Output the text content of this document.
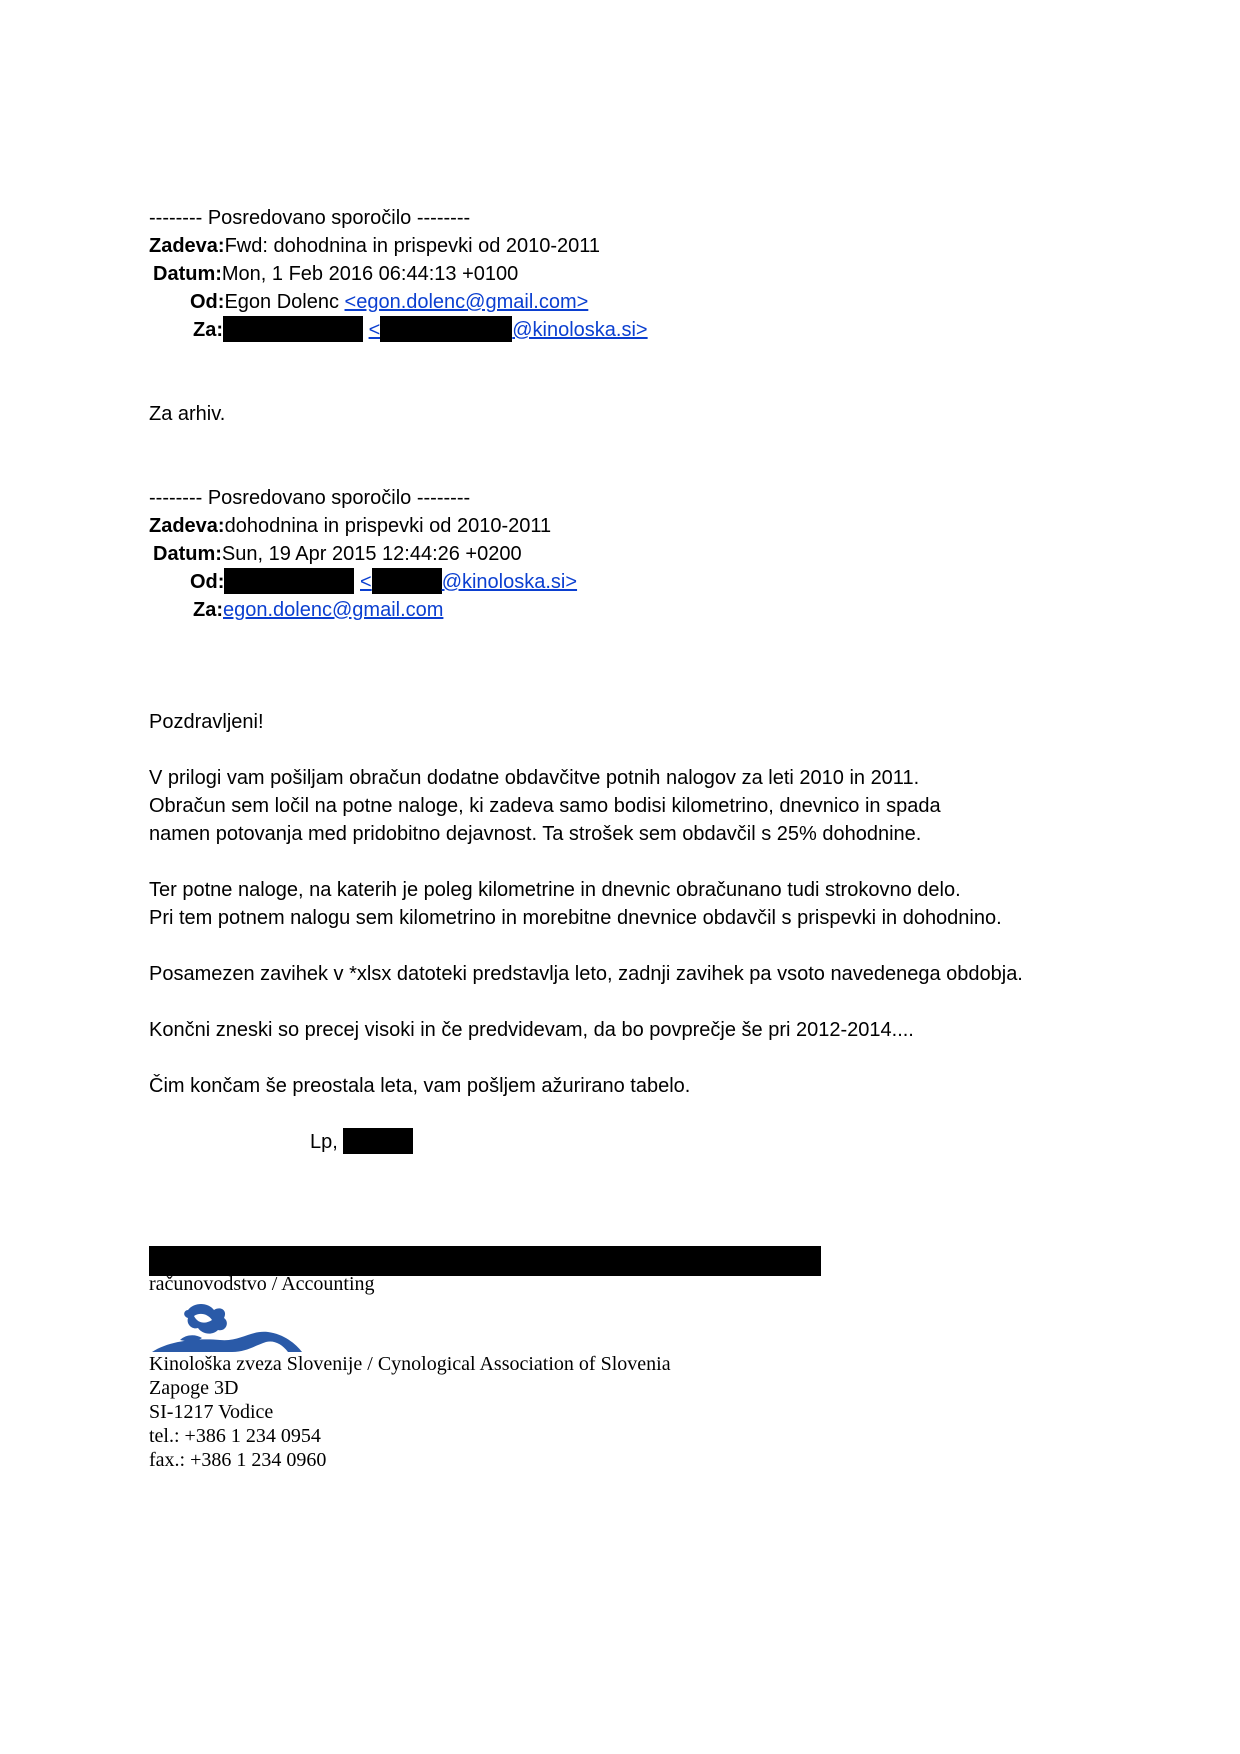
-------- Posredovano sporočilo --------
Zadeva:Fwd: dohodnina in prispevki od 2010-2011
Datum:Mon, 1 Feb 2016 06:44:13 +0100
Od:Egon Dolenc <egon.dolenc@gmail.com>
Za:	<	@kinoloska.si>
Za arhiv.
-------- Posredovano sporočilo --------
Zadeva:dohodnina in prispevki od 2010-2011
Datum:Sun, 19 Apr 2015 12:44:26 +0200
Od:	<	@kinoloska.si>
Za:egon.dolenc@gmail.com
Pozdravljeni!
V prilogi vam pošiljam obračun dodatne obdavčitve potnih nalogov za leti 2010 in 2011.
Obračun sem ločil na potne naloge, ki zadeva samo bodisi kilometrino, dnevnico in spada
namen potovanja med pridobitno dejavnost. Ta strošek sem obdavčil s 25% dohodnine.
Ter potne naloge, na katerih je poleg kilometrine in dnevnic obračunano tudi strokovno delo.
Pri tem potnem nalogu sem kilometrino in morebitne dnevnice obdavčil s prispevki in dohodnino.
Posamezen zavihek v *xlsx datoteki predstavlja leto, zadnji zavihek pa vsoto navedenega obdobja.
Končni zneski so precej visoki in če predvidevam, da bo povprečje še pri 2012-2014....
Čim končam še preostala leta, vam pošljem ažurirano tabelo.
Lp,
računovodstvo / Accounting
Kinološka zveza Slovenije / Cynological Association of Slovenia
Zapoge 3D
SI-1217 Vodice
tel.: +386 1 234 0954
fax.: +386 1 234 0960
